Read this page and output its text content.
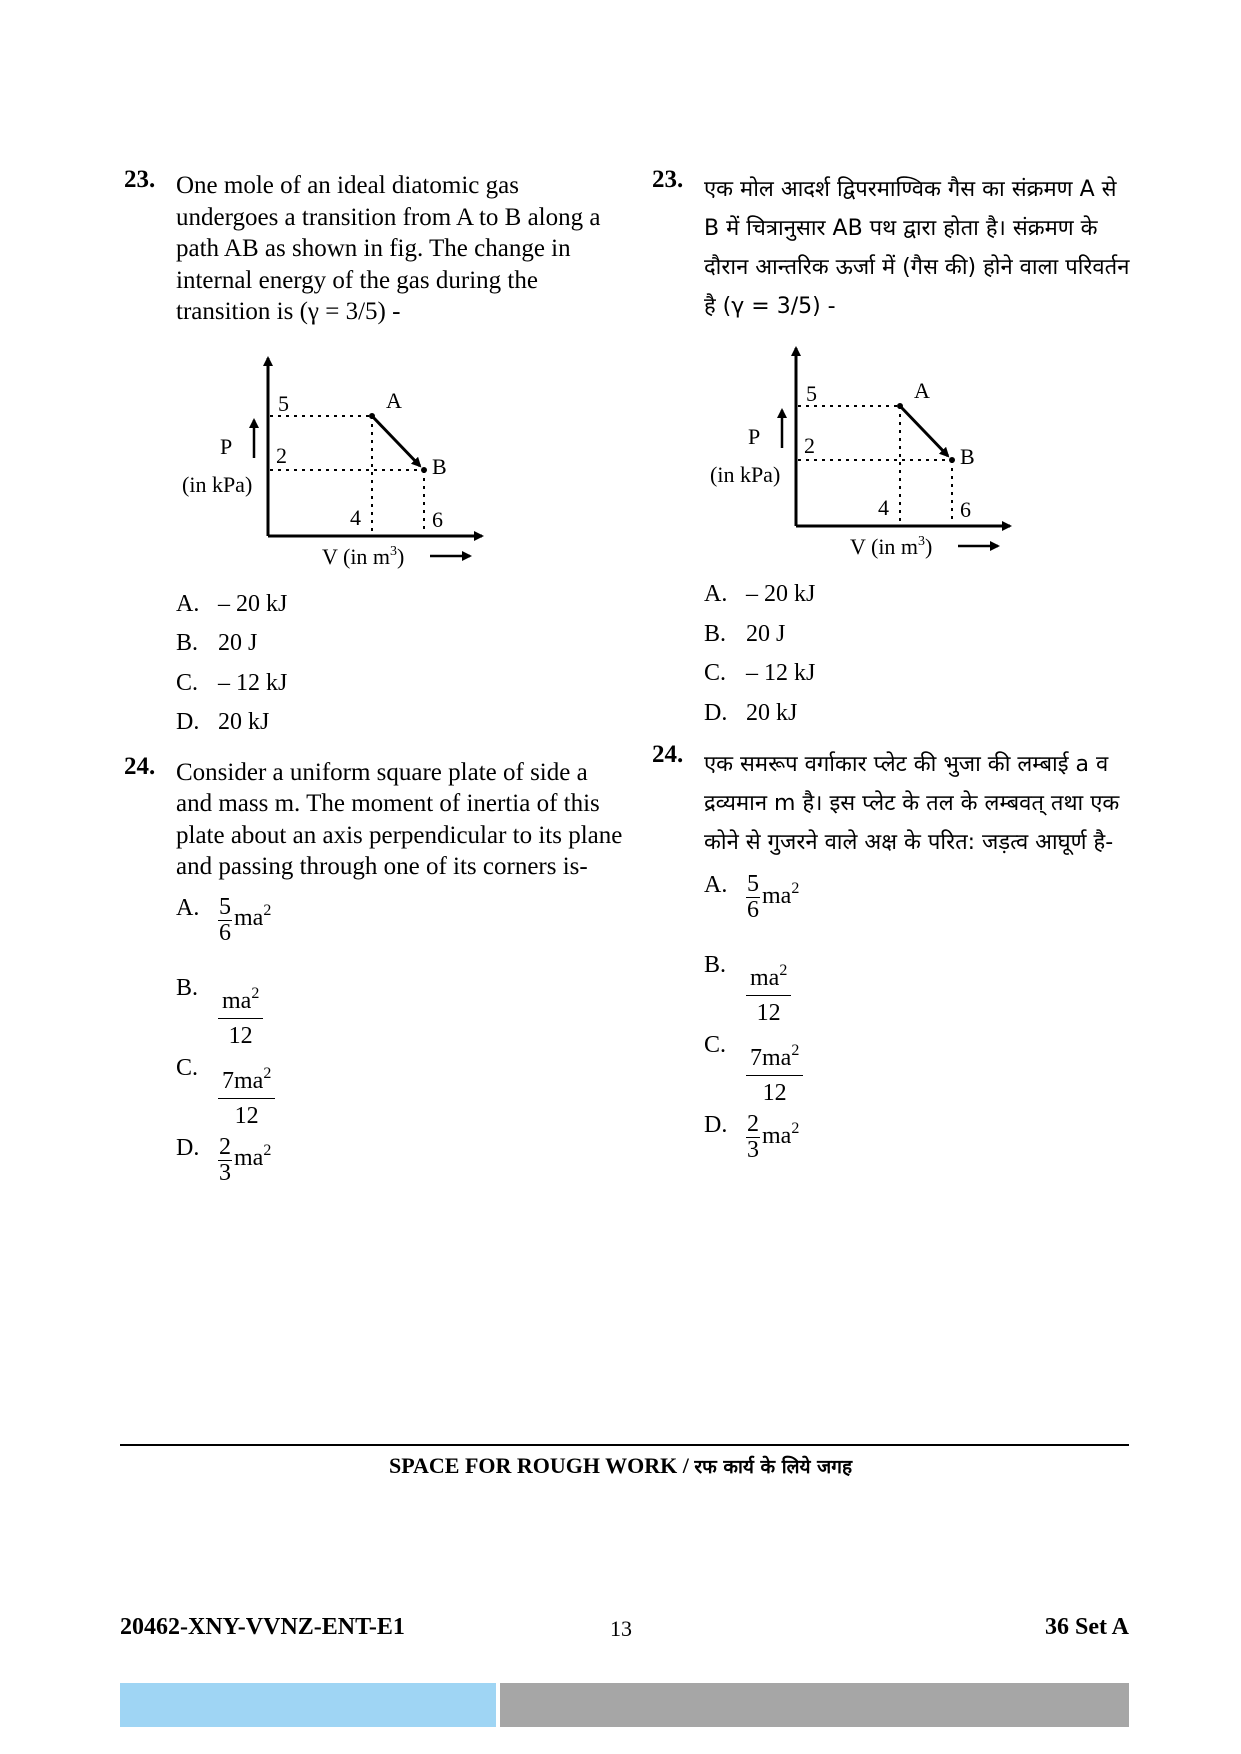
23. One mole of an ideal diatomic gas undergoes a transition from A to B along a path AB as shown in fig. The change in internal energy of the gas during the transition is (γ = 3/5) -
5
2
4	6
A
B
P
(in kPa)
V (in $m^3$)
A. – 20 kJ
B. 20 J
C. – 12 kJ
D. 20 kJ
24. Consider a uniform square plate of side a and mass m. The moment of inertia of this plate about an axis perpendicular to its plane and passing through one of its corners is-
A. $\frac{5}{6} ma^2$
B. $\frac{ma^2}{12}$
C. $\frac{7ma^2}{12}$
D. $\frac{2}{3} ma^2$
23. एक मोल आदर्श द्विपरमाण्विक गैस का संक्रमण A से B में चित्रानुसार AB पथ द्वारा होता है। संक्रमण के दौरान आन्तरिक ऊर्जा में (गैस की) होने वाला परिवर्तन है (γ = 3/5) -
5
2
4	6
A
B
P
(in kPa)
V (in $m^3$)
A. – 20 kJ
B. 20 J
C. – 12 kJ
D. 20 kJ
24. एक समरूप वर्गाकार प्लेट की भुजा की लम्बाई a व द्रव्यमान m है। इस प्लेट के तल के लम्बवत् तथा एक कोने से गुजरने वाले अक्ष के परित: जड़त्व आघूर्ण है-
A. $\frac{5}{6} ma^2$
B. $\frac{ma^2}{12}$
C. $\frac{7ma^2}{12}$
D. $\frac{2}{3} ma^2$
SPACE FOR ROUGH WORK / रफ कार्य के लिये जगह
20462-XNY-VVNZ-ENT-E1	13	36 Set A
